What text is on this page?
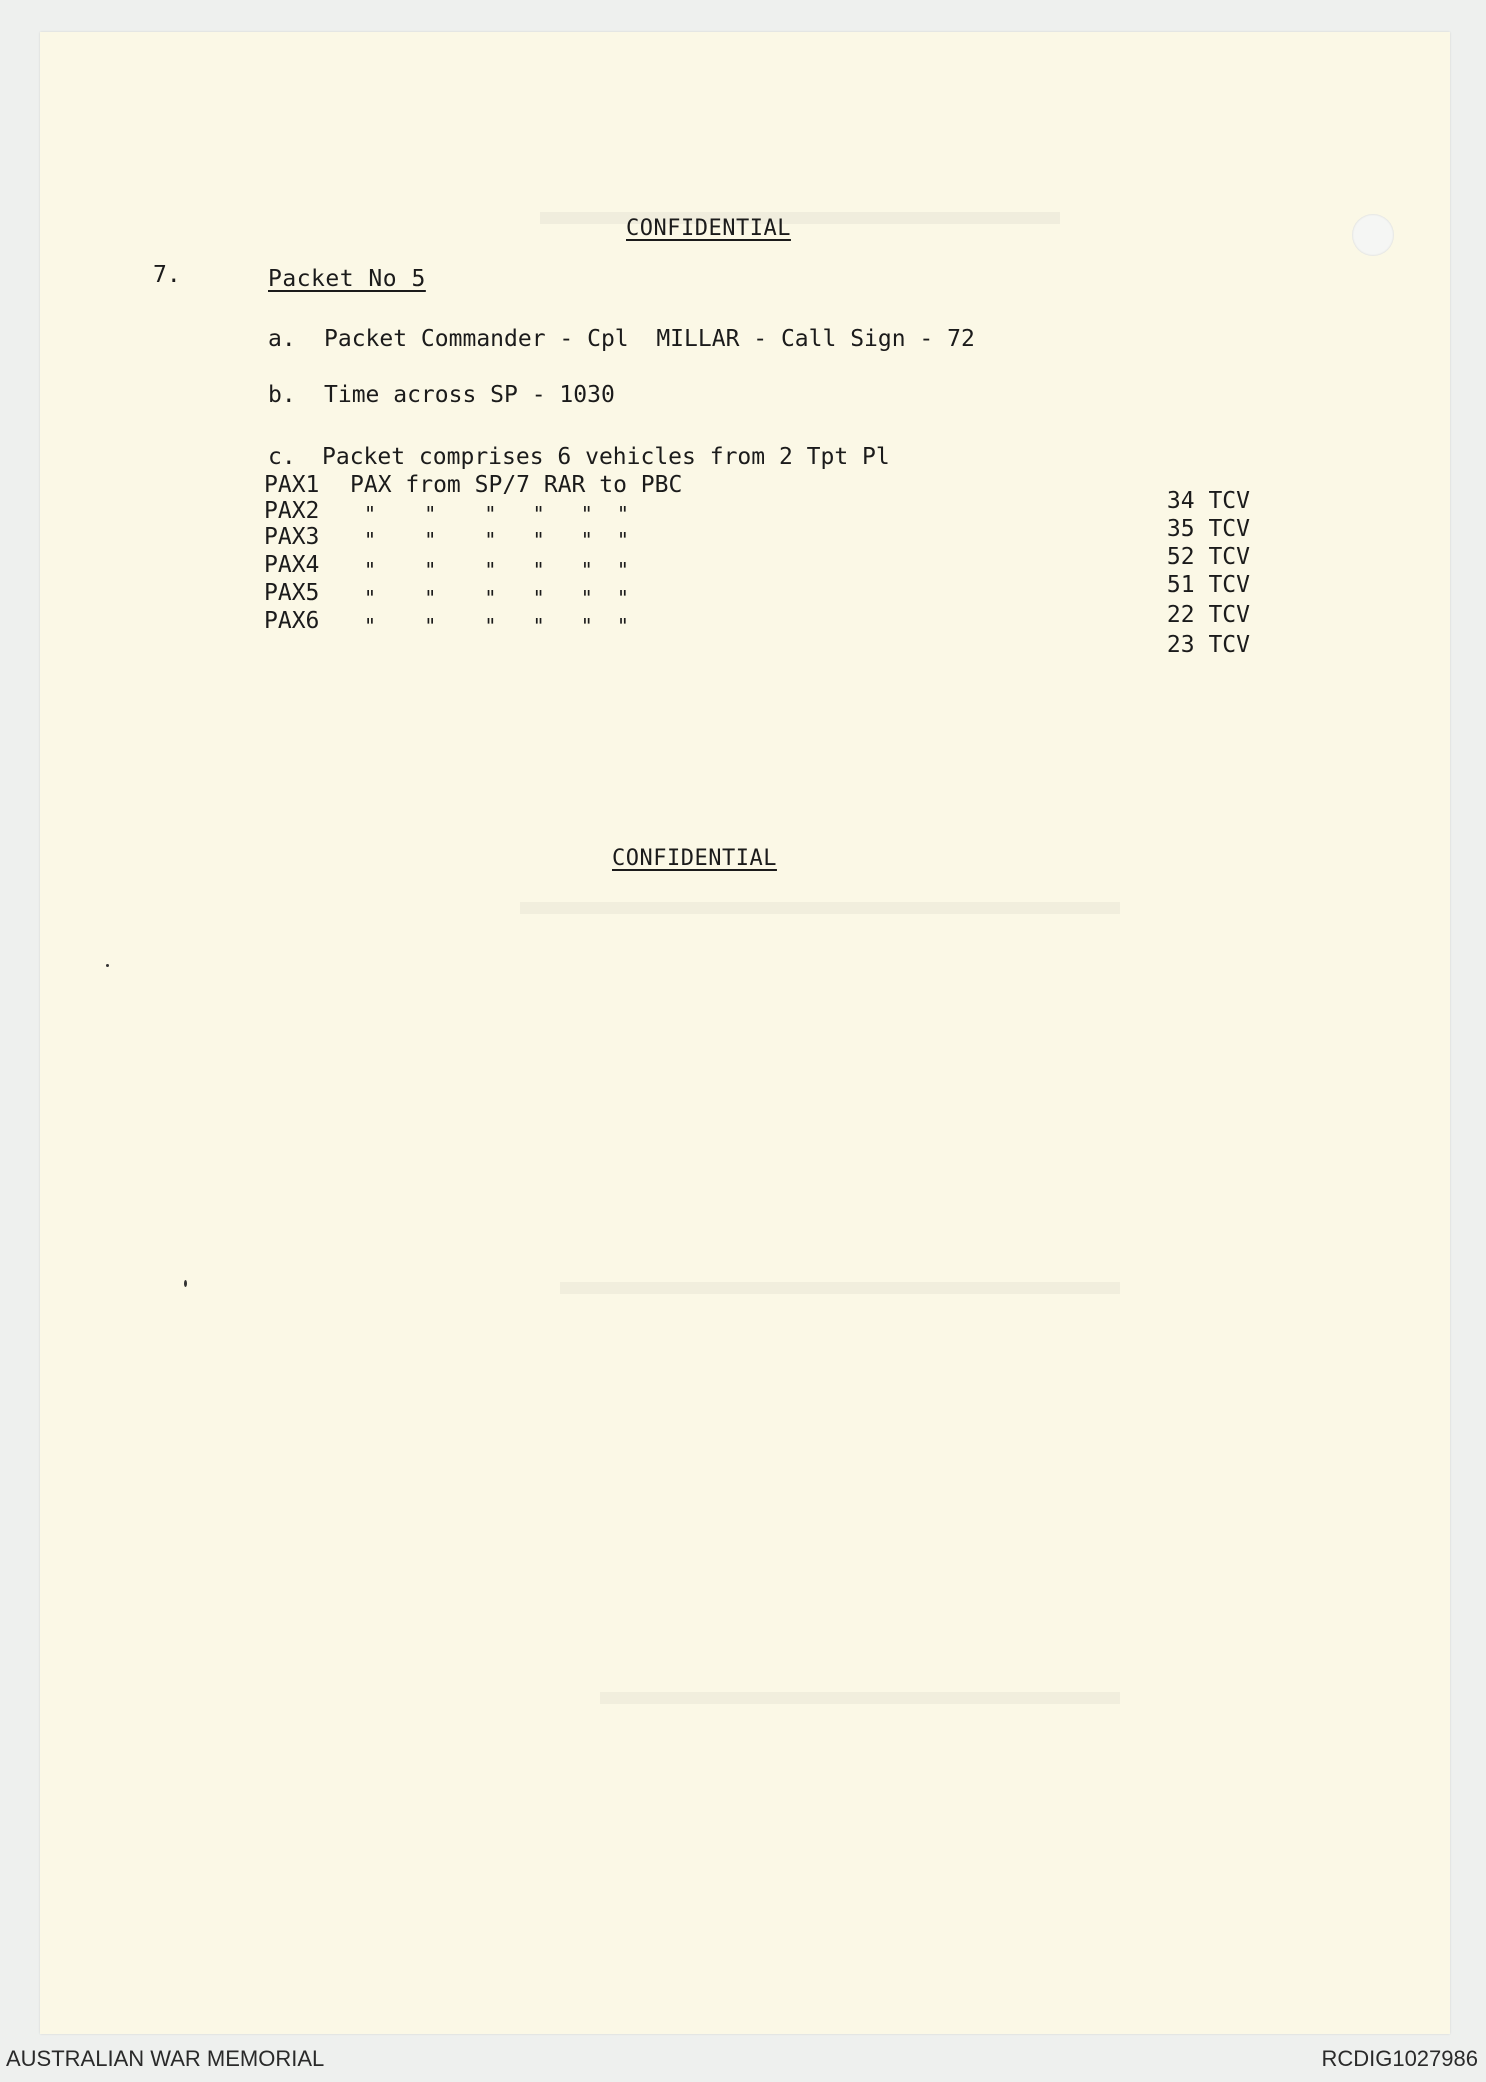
CONFIDENTIAL
7.	Packet No 5
a. Packet Commander - Cpl  MILLAR - Call Sign - 72
b. Time across SP - 1030
c. Packet comprises 6 vehicles from 2 Tpt Pl
PAX1 PAX from SP/7 RAR to PBC
34 TCV
PAX2 "    "    "   "   "  "
35 TCV
PAX3 "    "    "   "   "  "
52 TCV
PAX4 "    "    "   "   "  "
51 TCV
PAX5 "    "    "   "   "  "
22 TCV
PAX6 "    "    "   "   "  "
23 TCV
CONFIDENTIAL
AUSTRALIAN WAR MEMORIAL	RCDIG1027986
